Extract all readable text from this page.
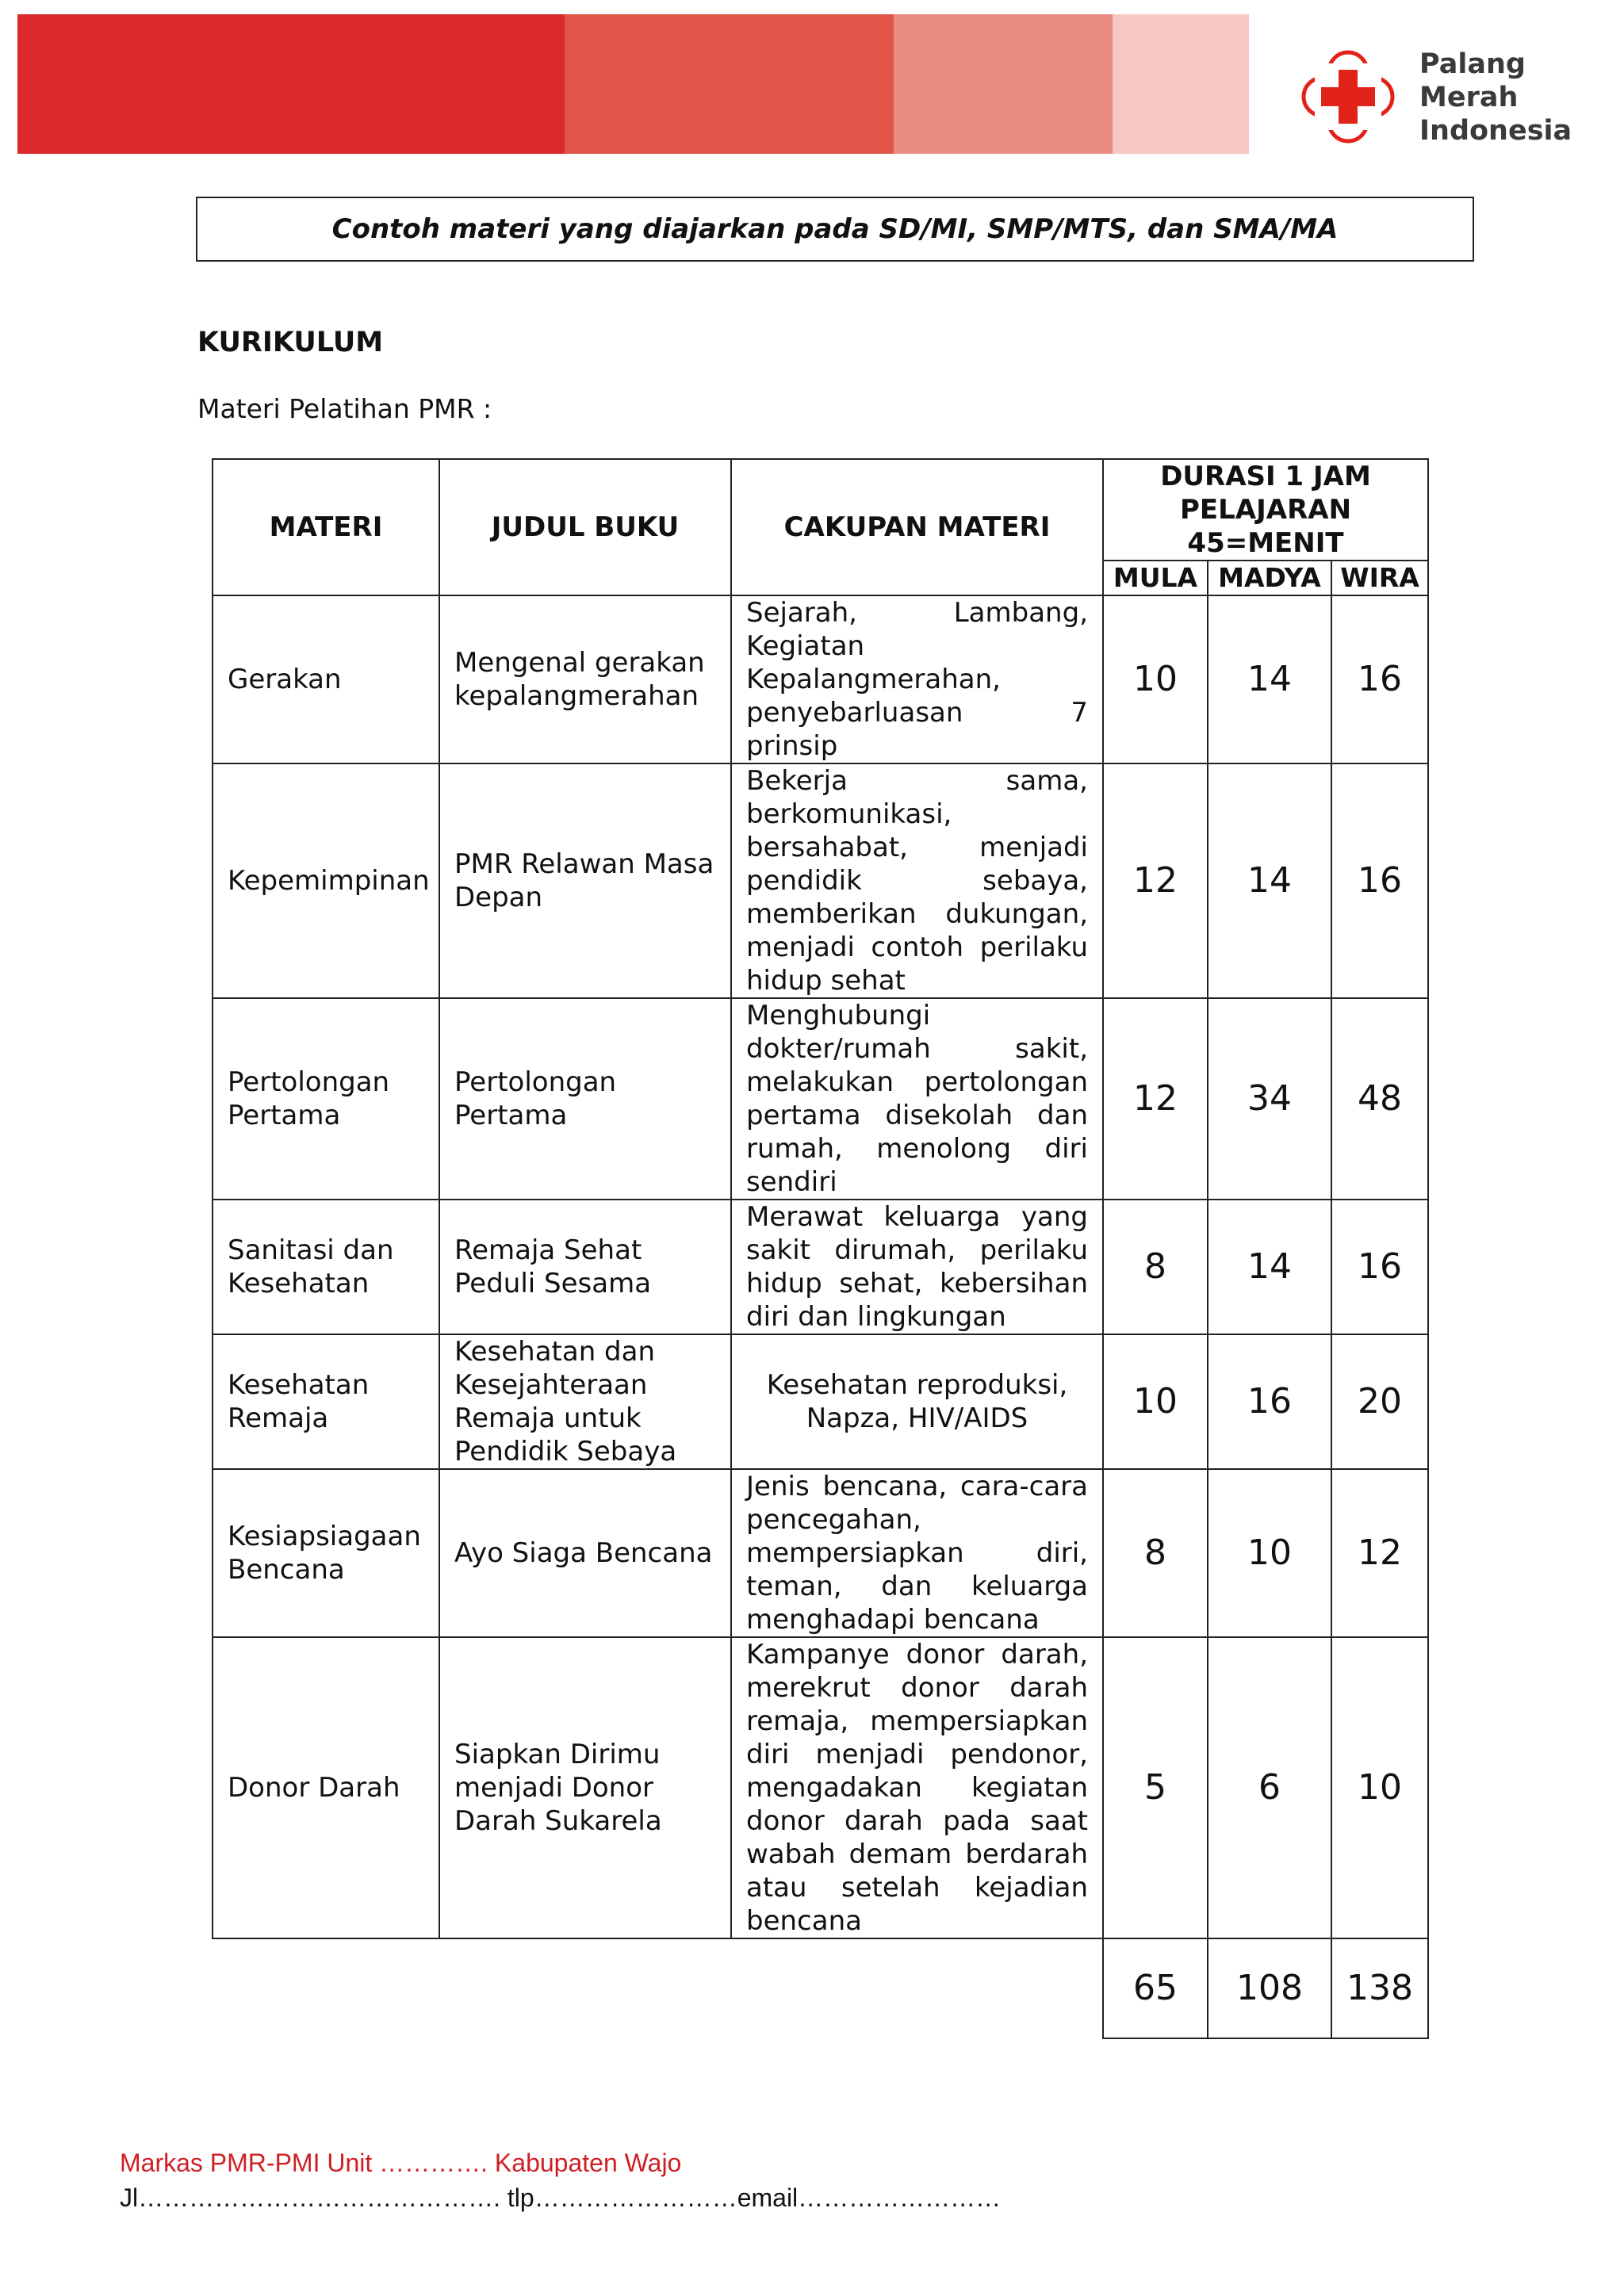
Palang
Merah
Indonesia
Contoh materi yang diajarkan pada SD/MI, SMP/MTS, dan SMA/MA
KURIKULUM
Materi Pelatihan PMR :
MATERI	JUDUL BUKU	CAKUPAN MATERI	DURASI 1 JAM PELAJARAN 45=MENIT		
			MULA	MADYA	WIRA
Gerakan	Mengenal gerakan kepalangmerahan	Sejarah, Lambang, Kegiatan Kepalangmerahan, penyebarluasan 7 prinsip	10	14	16
Kepemimpinan	PMR Relawan Masa Depan	Bekerja sama, berkomunikasi, bersahabat, menjadi pendidik sebaya, memberikan dukungan, menjadi contoh perilaku hidup sehat	12	14	16
Pertolongan Pertama	Pertolongan Pertama	Menghubungi dokter/rumah sakit, melakukan pertolongan pertama disekolah dan rumah, menolong diri sendiri	12	34	48
Sanitasi dan Kesehatan	Remaja Sehat Peduli Sesama	Merawat keluarga yang sakit dirumah, perilaku hidup sehat, kebersihan diri dan lingkungan	8	14	16
Kesehatan Remaja	Kesehatan dan Kesejahteraan Remaja untuk Pendidik Sebaya	Kesehatan reproduksi, Napza, HIV/AIDS	10	16	20
Kesiapsiagaan Bencana	Ayo Siaga Bencana	Jenis bencana, cara-cara pencegahan, mempersiapkan diri, teman, dan keluarga menghadapi bencana	8	10	12
Donor Darah	Siapkan Dirimu menjadi Donor Darah Sukarela	Kampanye donor darah, merekrut donor darah remaja, mempersiapkan diri menjadi pendonor, mengadakan kegiatan donor darah pada saat wabah demam berdarah atau setelah kejadian bencana	5	6	10
			65	108	138
Markas PMR-PMI Unit …………. Kabupaten Wajo
Jl……………………………………. tlp……………………email……………………
